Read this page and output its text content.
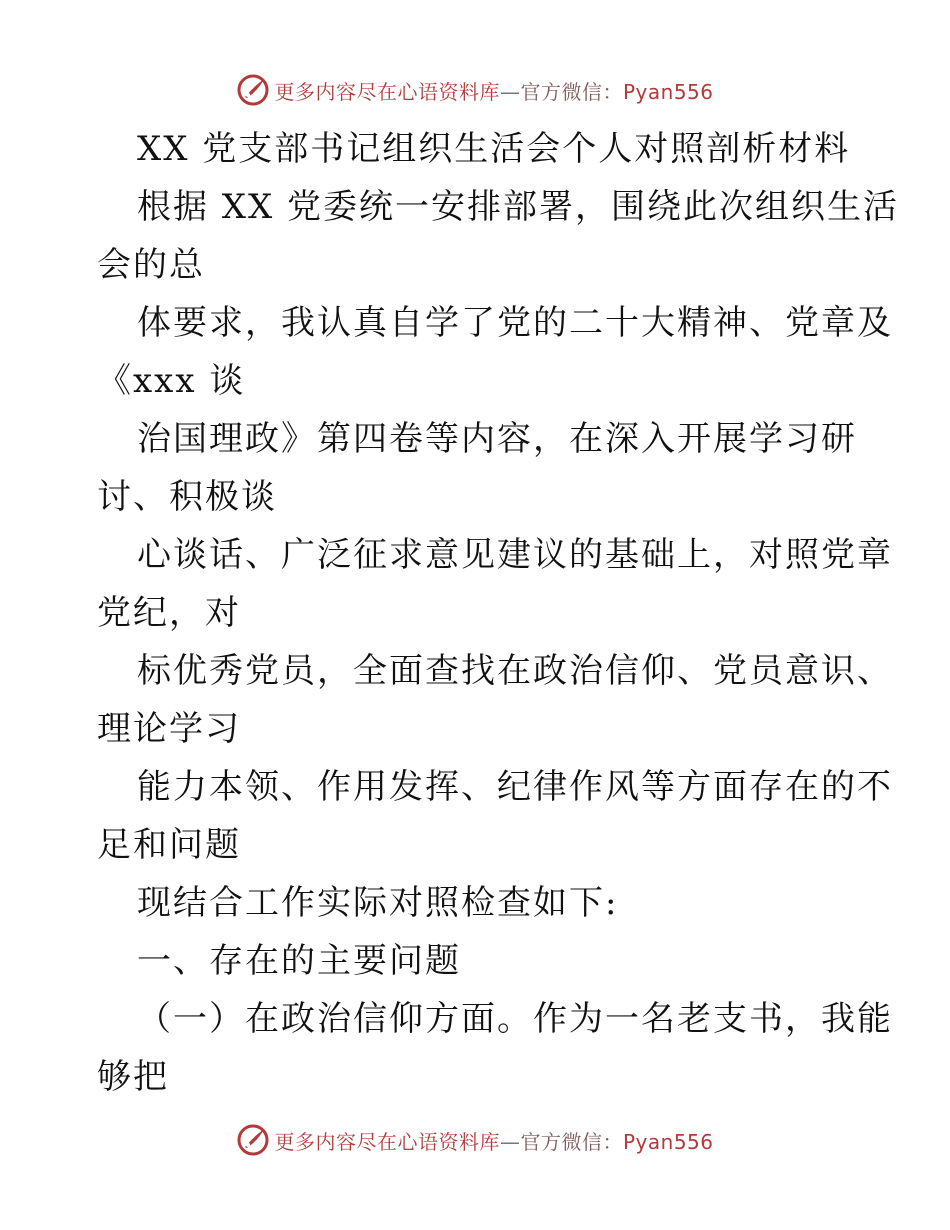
更多内容尽在心语资料库—官方微信：Pyan556
XX 党支部书记组织生活会个人对照剖析材料
根据 XX 党委统一安排部署，围绕此次组织生活
会的总
体要求，我认真自学了党的二十大精神、党章及
《xxx 谈
治国理政》第四卷等内容，在深入开展学习研
讨、积极谈
心谈话、广泛征求意见建议的基础上，对照党章
党纪，对
标优秀党员，全面查找在政治信仰、党员意识、
理论学习
能力本领、作用发挥、纪律作风等方面存在的不
足和问题
现结合工作实际对照检查如下:
一、存在的主要问题
（一）在政治信仰方面。作为一名老支书，我能
够把
更多内容尽在心语资料库—官方微信：Pyan556
